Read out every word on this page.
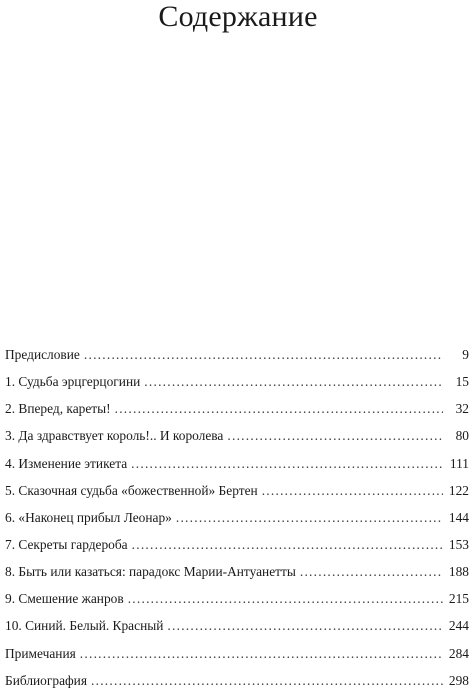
Содержание
Предисловие . . .	9
1. Судьба эрцгерцогини . . .	15
2. Вперед, кареты! . . .	32
3. Да здравствует король!.. И королева . . .	80
4. Изменение этикета . . .	111
5. Сказочная судьба «божественной» Бертен . . .	122
6. «Наконец прибыл Леонар» . . .	144
7. Секреты гардероба . . .	153
8. Быть или казаться: парадокс Марии-Антуанетты . . .	188
9. Смешение жанров . . .	215
10. Синий. Белый. Красный . . .	244
Примечания . . .	284
Библиография . . .	298
